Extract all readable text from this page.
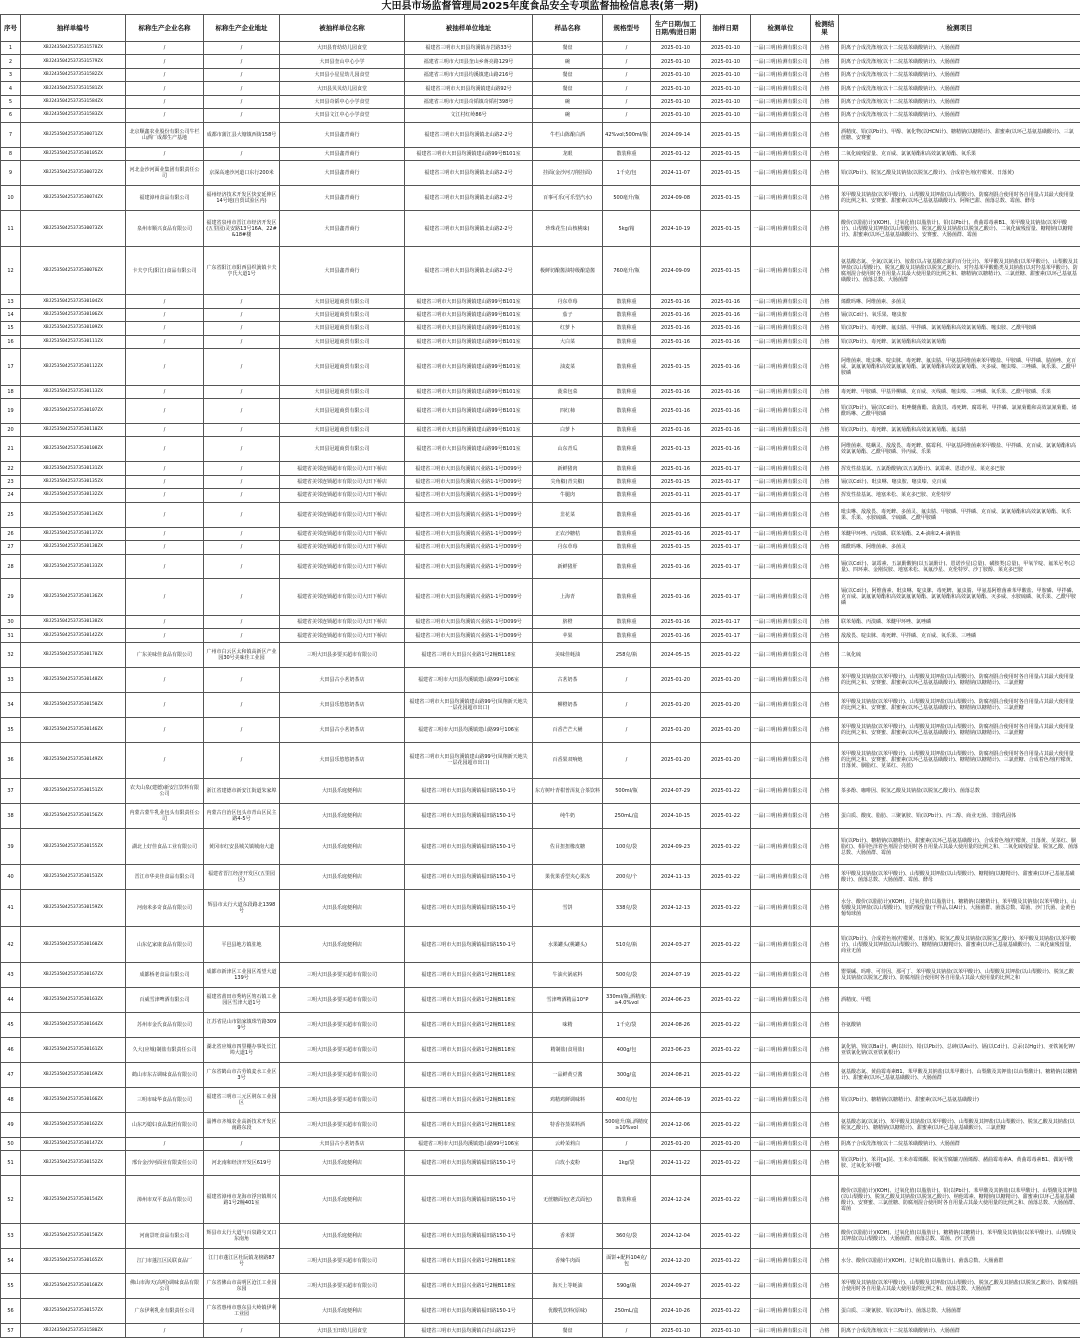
大田县市场监督管理局2025年度食品安全专项监督抽检信息表(第一期)
序号	抽样单编号	标称生产企业名称	标称生产企业地址	被抽样单位名称	被抽样单位地址	样品名称	规格型号	生产日期/加工日期/购进日期	抽样日期	检测单位	检测结果	检测项目
1	XBJ24350425373531578ZX	/	/	大田县育幼幼儿园食堂	福建省三明市大田县均溪镇赤岩路33号	餐盘	/	2025-01-10	2025-01-10	一品(三明)检测有限公司	合格	阴离子合成洗涤剂(以十二烷基苯磺酸钠计)、大肠菌群
2	XBJ24350425373531579ZX	/	/	大田县奎山中心小学	福建省三明市大田县奎山乡蒋亮路129号	碗	/	2025-01-10	2025-01-10	一品(三明)检测有限公司	合格	阴离子合成洗涤剂(以十二烷基苯磺酸钠计)、大肠菌群
3	XBJ24350425373531582ZX	/	/	大田县小星星幼儿园食堂	福建省三明市大田县均溪镇建山路216号	餐盘	/	2025-01-10	2025-01-10	一品(三明)检测有限公司	合格	阴离子合成洗涤剂(以十二烷基苯磺酸钠计)、大肠菌群
4	XBJ24350425373531581ZX	/	/	大田县贝贝幼儿园食堂	福建省三明市大田县均溪镇建山路92号	餐盘	/	2025-01-10	2025-01-10	一品(三明)检测有限公司	合格	阴离子合成洗涤剂(以十二烷基苯磺酸钠计)、大肠菌群
5	XBJ24350425373531584ZX	/	/	大田县奇韬中心小学食堂	福建省三明市大田县奇韬镇奇韬村398号	碗	/	2025-01-10	2025-01-10	一品(三明)检测有限公司	合格	阴离子合成洗涤剂(以十二烷基苯磺酸钠计)、大肠菌群
6	XBJ24350425373531583ZX	/	/	大田县文江中心小学食堂	文江村红岭86号	碗	/	2025-01-10	2025-01-10	一品(三明)检测有限公司	合格	阴离子合成洗涤剂(以十二烷基苯磺酸钠计)、大肠菌群
7	XBJ25350425373530071ZX	北京顺鑫农业股份有限公司牛栏山酒厂成都生产基地	成都市蒲江县大塘镇西街158号	大田县鑫青商行	福建省三明市大田县均溪镇北山路2-2号	牛栏山陈酿白酒	42%vol;500ml/瓶	2024-09-14	2025-01-15	一品(三明)检测有限公司	合格	酒精度、铅(以Pb计)、甲醇、氰化物(以HCN计)、糖精钠(以糖精计)、甜蜜素(以环己基氨基磺酸计)、三氯蔗糖、安赛蜜
8	XBJ25350425373530105ZX	/	/	大田县鑫青商行	福建省三明市大田县均溪镇建山路99号B101室	龙眼	散装称重	2025-01-12	2025-01-15	一品(三明)检测有限公司	合格	二氧化硫残留量、克百威、氯氰菊酯和高效氯氰菊酯、氧乐果
9	XBJ25350425373530072ZX	河北金沙河面业集团有限责任公司	京深高速沙河道口东行200米	大田县鑫青商行	福建省三明市大田县均溪镇北山路2-2号	挂面(金沙河刀削挂面)	1千克/包	2024-11-07	2025-01-15	一品(三明)检测有限公司	合格	铅(以Pb计)、脱氢乙酸及其钠盐(以脱氢乙酸计)、合成着色剂(柠檬黄、日落黄)
10	XBJ25350425373530074ZX	福建漳州食品有限公司	福州经济技术开发区快安延伸区14号地(自贸试验区内)	大田县鑫青商行	福建省三明市大田县均溪镇北山路2-2号	百事可乐(可乐型汽水)	500毫升/瓶	2024-09-08	2025-01-15	一品(三明)检测有限公司	合格	苯甲酸及其钠盐(以苯甲酸计)、山梨酸及其钾盐(以山梨酸计)、防腐剂混合使用时各自用量占其最大使用量的比例之和、安赛蜜、甜蜜素(以环己基氨基磺酸计)、阿斯巴甜、菌落总数、霉菌、酵母
11	XBJ25350425373530073ZX	泉州市顺兴食品有限公司	福建省泉州市晋江市经济开发区(五里园)灵安路13号16A、22#&18#楼	大田县鑫青商行	福建省三明市大田县均溪镇北山路2-2号	珍珠花生(山核桃味)	5kg/箱	2024-10-19	2025-01-15	一品(三明)检测有限公司	合格	酸价(以脂肪计)(KOH)、过氧化值(以脂肪计)、铅(以Pb计)、黄曲霉毒素B1、苯甲酸及其钠盐(以苯甲酸计)、山梨酸及其钾盐(以山梨酸计)、脱氢乙酸及其钠盐(以脱氢乙酸计)、二氧化硫残留量、糖精钠(以糖精计)、甜蜜素(以环己基氨基磺酸计)、安赛蜜、大肠菌群、霉菌
12	XBJ25350425373530076ZX	卡夫亨氏(阳江)食品有限公司	广东省阳江市阳西县织簧镇卡夫亨氏大道1号	大田县鑫青商行	福建省三明市大田县均溪镇北山路2-2号	极鲜切酿酱油特级酿造酱	760毫升/瓶	2024-09-09	2025-01-15	一品(三明)检测有限公司	合格	氨基酸态氮、全氮(以氮计)、铵盐(以占氨基酸态氮的百分比计)、苯甲酸及其钠盐(以苯甲酸计)、山梨酸及其钾盐(以山梨酸计)、脱氢乙酸及其钠盐(以脱氢乙酸计)、对羟基苯甲酸酯类及其钠盐(以对羟基苯甲酸计)、防腐剂混合使用时各自用量占其最大使用量的比例之和、糖精钠(以糖精计)、三氯蔗糖、甜蜜素(以环己基氨基磺酸计)、菌落总数、大肠菌群
13	XBJ25350425373530104ZX	/	/	大田县冠超商贸有限公司	福建省三明市大田县均溪镇建山路99号B101室	丹东草莓	散装称重	2025-01-16	2025-01-16	一品(三明)检测有限公司	合格	烯酰吗啉、阿维菌素、多菌灵
14	XBJ25350425373530106ZX	/	/	大田县冠超商贸有限公司	福建省三明市大田县均溪镇建山路99号B101室	茄子	散装称重	2025-01-16	2025-01-16	一品(三明)检测有限公司	合格	镉(以Cd计)、氧乐果、噻虫胺
15	XBJ25350425373530109ZX	/	/	大田县冠超商贸有限公司	福建省三明市大田县均溪镇建山路99号B101室	红萝卜	散装称重	2025-01-16	2025-01-16	一品(三明)检测有限公司	合格	铅(以Pb计)、毒死蜱、氟虫腈、甲拌磷、氯氰菊酯和高效氯氰菊酯、噻虫胺、乙酰甲胺磷
16	XBJ25350425373530111ZX	/	/	大田县冠超商贸有限公司	福建省三明市大田县均溪镇建山路99号B101室	大白菜	散装称重	2025-01-16	2025-01-16	一品(三明)检测有限公司	合格	铅(以Pb计)、毒死蜱、氯氰菊酯和高效氯氰菊酯
17	XBJ25350425373530112ZX	/	/	大田县冠超商贸有限公司	福建省三明市大田县均溪镇建山路99号B101室	油麦菜	散装称重	2025-01-15	2025-01-16	一品(三明)检测有限公司	合格	阿维菌素、吡虫啉、啶虫脒、毒死蜱、氟虫腈、甲氨基阿维菌素苯甲酸盐、甲胺磷、甲拌磷、腈菌唑、克百威、氯氟氰菊酯和高效氯氟氰菊酯、氯氰菊酯和高效氯氰菊酯、灭多威、噻虫嗪、三唑磷、氧乐果、乙酰甲胺磷
18	XBJ25350425373530113ZX	/	/	大田县冠超商贸有限公司	福建省三明市大田县均溪镇建山路99号B101室	菠菜包菜	散装称重	2025-01-16	2025-01-16	一品(三明)检测有限公司	合格	毒死蜱、甲胺磷、甲基异柳磷、克百威、灭线磷、噻虫嗪、三唑磷、氧乐果、乙酰甲胺磷、乐果
19	XBJ25350425373530107ZX	/	/	大田县冠超商贸有限公司	福建省三明市大田县均溪镇建山路99号B101室	四红柿	散装称重	2025-01-16	2025-01-16	一品(三明)检测有限公司	合格	铅(以Pb计)、镉(以Cd计)、吡唑醚菌酯、敌敌畏、毒死蜱、腐霉利、甲拌磷、氯氰菊酯和高效氯氰菊酯、烯酰吗啉、乙酰甲胺磷
20	XBJ25350425373530110ZX	/	/	大田县冠超商贸有限公司	福建省三明市大田县均溪镇建山路99号B101室	白萝卜	散装称重	2025-01-16	2025-01-16	一品(三明)检测有限公司	合格	铅(以Pb计)、毒死蜱、氯氰菊酯和高效氯氰菊酯、氟虫腈
21	XBJ25350425373530108ZX	/	/	大田县冠超商贸有限公司	福建省三明市大田县均溪镇建山路99号B101室	山东青瓜	散装称重	2025-01-13	2025-01-16	一品(三明)检测有限公司	合格	阿维菌素、哒螨灵、敌敌畏、毒死蜱、腐霉利、甲氨基阿维菌素苯甲酸盐、甲拌磷、克百威、氯氰菊酯和高效氯氰菊酯、乙酰甲胺磷、异丙威、乐果
22	XBJ25350425373530131ZX	/	/	福建省美邻连锁超市有限公司大田下桥店	福建省三明市大田县均溪镇兴业路1-1号D099号	新鲜猪肉	散装称重	2025-01-16	2025-01-17	一品(三明)检测有限公司	合格	挥发性盐基氮、五氯酚酸钠(以五氯酚计)、氯霉素、恩诺沙星、莱克多巴胺
23	XBJ25350425373530135ZX	/	/	福建省美邻连锁超市有限公司大田下桥店	福建省三明市大田县均溪镇兴业路1-1号D099号	尖角椒(青尖椒)	散装称重	2025-01-15	2025-01-17	一品(三明)检测有限公司	合格	镉(以Cd计)、吡虫啉、噻虫胺、噻虫嗪、克百威
24	XBJ25350425373530132ZX	/	/	福建省美邻连锁超市有限公司大田下桥店	福建省三明市大田县均溪镇兴业路1-1号D099号	牛腿肉	散装称重	2025-01-11	2025-01-17	一品(三明)检测有限公司	合格	挥发性盐基氮、地塞米松、莱克多巴胺、克伦特罗
25	XBJ25350425373530134ZX	/	/	福建省美邻连锁超市有限公司大田下桥店	福建省三明市大田县均溪镇兴业路1-1号D099号	韭花菜	散装称重	2025-01-16	2025-01-17	一品(三明)检测有限公司	合格	吡虫啉、敌敌畏、毒死蜱、多菌灵、氟虫腈、甲胺磷、甲拌磷、克百威、氯氰菊酯和高效氯氰菊酯、氧乐果、乐果、水胺硫磷、辛硫磷、乙酰甲胺磷
26	XBJ25350425373530137ZX	/	/	福建省美邻连锁超市有限公司大田下桥店	福建省三明市大田县均溪镇兴业路1-1号D099号	正农沙糖桔	散装称重	2025-01-16	2025-01-17	一品(三明)检测有限公司	合格	苯醚甲环唑、丙溴磷、联苯菊酯、2,4-滴和2,4-滴钠盐
27	XBJ25350425373530130ZX	/	/	福建省美邻连锁超市有限公司大田下桥店	福建省三明市大田县均溪镇兴业路1-1号D099号	丹东草莓	散装称重	2025-01-15	2025-01-17	一品(三明)检测有限公司	合格	烯酰吗啉、阿维菌素、多菌灵
28	XBJ25350425373530133ZX	/	/	福建省美邻连锁超市有限公司大田下桥店	福建省三明市大田县均溪镇兴业路1-1号D099号	新鲜猪肝	散装称重	2025-01-16	2025-01-17	一品(三明)检测有限公司	合格	镉(以Cd计)、氯霉素、五氯酚酸钠(以五氯酚计)、恩诺沙星(总量)、磺胺类(总量)、甲氧苄啶、氟苯尼考(总量)、四环素、金刚烷胺、地塞米松、氧氟沙星、克伦特罗、沙丁胺醇、莱克多巴胺
29	XBJ25350425373530136ZX	/	/	福建省美邻连锁超市有限公司大田下桥店	福建省三明市大田县均溪镇兴业路1-1号D099号	上海青	散装称重	2025-01-16	2025-01-17	一品(三明)检测有限公司	合格	镉(以Cd计)、阿维菌素、吡虫啉、啶虫脒、毒死蜱、氟虫腈、甲氨基阿维菌素苯甲酸盐、甲胺磷、甲拌磷、克百威、氯氟氰菊酯和高效氯氟氰菊酯、氯氰菊酯和高效氯氰菊酯、灭多威、水胺硫磷、氧乐果、乙酰甲胺磷
30	XBJ25350425373530138ZX	/	/	福建省美邻连锁超市有限公司大田下桥店	福建省三明市大田县均溪镇兴业路1-1号D099号	脐橙	散装称重	2025-01-16	2025-01-17	一品(三明)检测有限公司	合格	联苯菊酯、丙溴磷、苯醚甲环唑、氯唑磷
31	XBJ25350425373530142ZX	/	/	福建省美邻连锁超市有限公司大田下桥店	福建省三明市大田县均溪镇兴业路1-1号D099号	苹果	散装称重	2025-01-16	2025-01-17	一品(三明)检测有限公司	合格	敌敌畏、啶虫脒、毒死蜱、甲拌磷、克百威、氧乐果、三唑磷
32	XBJ25350425373530170ZX	广东美味佳食品有限公司	广州市白云区太和镇高新区产业园30号美味佳工业园	三明大田县多要买超市有限公司	福建省三明市大田县兴业路1号2幢B118室	美味佳蚝油	258克/瓶	2024-05-15	2025-01-22	一品(三明)检测有限公司	合格	二氧化硫
33	XBJ25350425373530148ZX	/	/	大田县古小茗奶茶店	福建省三明市大田县均溪镇建山路99号106室	古茗奶茶	/	2025-01-20	2025-01-20	一品(三明)检测有限公司	合格	苯甲酸及其钠盐(以苯甲酸计)、山梨酸及其钾盐(以山梨酸计)、防腐剂混合使用时各自用量占其最大使用量的比例之和、安赛蜜、甜蜜素(以环己基氨基磺酸计)、糖精钠(以糖精计)、三氯蔗糖
34	XBJ25350425373530150ZX	/	/	大田县乐悠悠奶茶店	福建省三明市大田县均溪镇建山路99号(凤翔新天地失一层花园超市出口)	柳橙奶茶	/	2025-01-20	2025-01-20	一品(三明)检测有限公司	合格	苯甲酸及其钠盐(以苯甲酸计)、山梨酸及其钾盐(以山梨酸计)、防腐剂混合使用时各自用量占其最大使用量的比例之和、安赛蜜、甜蜜素(以环己基氨基磺酸计)、糖精钠(以糖精计)、三氯蔗糖
35	XBJ25350425373530146ZX	/	/	大田县古小茗奶茶店	福建省三明市大田县均溪镇建山路99号106室	百香芒芒大桶	/	2025-01-20	2025-01-20	一品(三明)检测有限公司	合格	苯甲酸及其钠盐(以苯甲酸计)、山梨酸及其钾盐(以山梨酸计)、防腐剂混合使用时各自用量占其最大使用量的比例之和、安赛蜜、甜蜜素(以环己基氨基磺酸计)、糖精钠(以糖精计)、三氯蔗糖
36	XBJ25350425373530149ZX	/	/	大田县乐悠悠奶茶店	福建省三明市大田县均溪镇建山路99号(凤翔新天地失一层花园超市出口)	百香果双响炮	/	2025-01-20	2025-01-20	一品(三明)检测有限公司	合格	苯甲酸及其钠盐(以苯甲酸计)、山梨酸及其钾盐(以山梨酸计)、防腐剂混合使用时各自用量占其最大使用量的比例之和、安赛蜜、甜蜜素(以环己基氨基磺酸计)、糖精钠(以糖精计)、三氯蔗糖、合成着色剂(柠檬黄、日落黄、胭脂红、苋菜红、亮蓝)
37	XBJ25350425373530151ZX	农夫山泉(建德)新安江饮料有限公司	浙江省建德市新安江街道朱家埠	大田县乐庭便利店	福建省三明市大田县均溪镇福田路150-1号	东方树叶青柑普洱复合茶饮料	500ml/瓶	2024-07-29	2025-01-22	一品(三明)检测有限公司	合格	茶多酚、咖啡因、脱氢乙酸及其钠盐(以脱氢乙酸计)、菌落总数
38	XBJ25350425373530156ZX	内蒙古蒙牛乳业包头有限责任公司	内蒙古自治区包头市青山区民主路4-5号	大田县乐庭便利店	福建省三明市大田县均溪镇福田路150-1号	纯牛奶	250mL/盒	2024-10-15	2025-01-22	一品(三明)检测有限公司	合格	蛋白质、酸度、脂肪、三聚氰胺、铅(以Pb计)、丙二醇、商业无菌、非脂乳固体
39	XBJ25350425373530155ZX	湖北上好佳食品工业有限公司	黄冈市红安县城关镇城南大道	大田县乐庭便利店	福建省三明市大田县均溪镇福田路150-1号	佐目扭扭橡皮糖	100克/袋	2024-09-23	2025-01-22	一品(三明)检测有限公司	合格	铅(以Pb计)、糖精钠(以糖精计)、甜蜜素(以环己基氨基磺酸计)、合成着色剂(柠檬黄、日落黄、苋菜红、胭脂红)、相同色泽着色剂混合使用时各自用量占其最大使用量的比例之和、二氧化硫残留量、脱氢乙酸、菌落总数、大肠菌群、霉菌
40	XBJ25350425373530153ZX	晋江市华美佳食品有限公司	福建省晋江经济开发区(五里园区)	大田县乐庭便利店	福建省三明市大田县均溪镇福田路150-1号	果优果香型夹心果冻	200克/个	2024-11-13	2025-01-22	一品(三明)检测有限公司	合格	苯甲酸及其钠盐(以苯甲酸计)、山梨酸及其钾盐(以山梨酸计)、糖精钠(以糖精计)、甜蜜素(以环己基氨基磺酸计)、菌落总数、大肠菌群、霉菌、酵母
41	XBJ25350425373530159ZX	河南米多奇食品有限公司	辉县市太行大道东段路北1398号	大田县乐庭便利店	福建省三明市大田县均溪镇福田路150-1号	雪饼	338克/袋	2024-12-13	2025-01-22	一品(三明)检测有限公司	合格	水分、酸价(以脂肪计)(KOH)、过氧化值(以脂肪计)、糖精钠(以糖精计)、苯甲酸及其钠盐(以苯甲酸计)、山梨酸及其钾盐(以山梨酸计)、铝的残留量(干样品,以Al计)、大肠菌群、菌落总数、霉菌、沙门氏菌、金黄色葡萄球菌
42	XBJ25350425373530160ZX	山东亿家康食品有限公司	平邑县地方镇驻地	大田县乐庭便利店	福建省三明市大田县均溪镇福田路150-1号	水果罐头(桃罐头)	510克/瓶	2024-03-27	2025-01-22	一品(三明)检测有限公司	合格	铅(以Pb计)、合成着色剂(柠檬黄、日落黄)、脱氢乙酸及其钠盐(以脱氢乙酸计)、苯甲酸及其钠盐(以苯甲酸计)、山梨酸及其钾盐(以山梨酸计)、糖精钠(以糖精计)、甜蜜素(以环己基氨基磺酸计)、二氧化硫残留量、商业无菌
43	XBJ25350425373530167ZX	成都桥老食品有限公司	成都市新津区工业园区希望大道139号	三明大田县多要买超市有限公司	福建省三明市大田县兴业路1号2幢B118室	牛油火锅底料	500克/袋	2024-07-19	2025-01-22	一品(三明)检测有限公司	合格	罂粟碱、吗啡、可待因、那可丁、苯甲酸及其钠盐(以苯甲酸计)、山梨酸及其钾盐(以山梨酸计)、脱氢乙酸及其钠盐(以脱氢乙酸计)、防腐剂混合使用时各自用量占其最大使用量的比例之和
44	XBJ25350425373530163ZX	百威雪津啤酒有限公司	福建省莆田市秀屿区笏石镇工业园区雪津大道1号	三明大田县多要买超市有限公司	福建省三明市大田县兴业路1号2幢B118室	雪津啤酒精品10°P	330ml/瓶,酒精度:≥4.0%vol	2024-06-23	2025-01-22	一品(三明)检测有限公司	合格	酒精度、甲醛
45	XBJ25350425373530164ZX	苏州市金氏食品有限公司	江苏省昆山市陆家镇珠竹路3099号	三明大田县多要买超市有限公司	福建省三明市大田县兴业路1号2幢B118室	味精	1千克/袋	2024-08-26	2025-01-22	一品(三明)检测有限公司	合格	谷氨酸钠
46	XBJ25350425373530161ZX	久大(应城)制盐有限责任公司	湖北省应城市四里棚办事处长江埠大道1号	三明大田县多要买超市有限公司	福建省三明市大田县兴业路1号2幢B118室	精制盐(食用盐)	400g/包	2023-06-23	2025-01-22	一品(三明)检测有限公司	合格	氯化钠、钡(以Ba计)、碘(以I计)、铅(以Pb计)、总砷(以As计)、镉(以Cd计)、总汞(以Hg计)、亚铁氰化钾/亚铁氰化钠(以亚铁氰根计)
47	XBJ25350425373530169ZX	鹤山市东古调味食品有限公司	广东省鹤山市古劳镇麦水工业区3号	三明大田县多要买超市有限公司	福建省三明市大田县兴业路1号2幢B118室	一品鲜黄豆酱	300g/盒	2024-08-21	2025-01-22	一品(三明)检测有限公司	合格	氨基酸态氮、黄曲霉毒素B1、苯甲酸及其钠盐(以苯甲酸计)、山梨酸及其钾盐(以山梨酸计)、糖精钠(以糖精计)、甜蜜素(以环己基氨基磺酸计)、大肠菌群
48	XBJ25350425373530166ZX	三明市味华食品有限公司	福建省三明市三元区荆东工业园区	三明大田县多要买超市有限公司	福建省三明市大田县兴业路1号2幢B118室	鸡精鸡鲜调味料	400克/包	2024-08-19	2025-01-22	一品(三明)检测有限公司	合格	铅(以Pb计)、糖精钠(以糖精计)、甜蜜素(以环己基氨基磺酸计)
49	XBJ25350425373530162ZX	山东巧媳妇食品集团有限公司	淄博市齐城农业高新技术开发区南路东段	三明大田县多要买超市有限公司	福建省三明市大田县兴业路1号2幢B118室	特香谷蒸菜料酒	500毫升/瓶,酒精度≥10%vol	2024-12-06	2025-01-22	一品(三明)检测有限公司	合格	氨基酸态氮(以氮计)、苯甲酸及其钠盐(以苯甲酸计)、山梨酸及其钾盐(以山梨酸计)、脱氢乙酸及其钠盐(以脱氢乙酸计)、糖精钠(以糖精计)、甜蜜素(以环己基氨基磺酸计)、三氯蔗糖
50	XBJ25350425373530147ZX	/	/	大田县古小茗奶茶店	福建省三明市大田县均溪镇建山路99号106室	云岭茉莉白	/	2025-01-20	2025-01-20	一品(三明)检测有限公司	合格	阴离子合成洗涤剂(以十二烷基苯磺酸钠计)、大肠菌群
51	XBJ25350425373530152ZX	邢台金沙河面业有限责任公司	河北南和经济开发区619号	大田县乐庭便利店	福建省三明市大田县均溪镇福田路150-1号	白玫小麦粉	1kg/袋	2024-11-22	2025-01-22	一品(三明)检测有限公司	合格	铅(以Pb计)、苯并[a]芘、玉米赤霉烯酮、脱氧雪腐镰刀菌烯醇、赭曲霉毒素A、黄曲霉毒素B1、偶氮甲酰胺、过氧化苯甲酰
52	XBJ25350425373530154ZX	漳州市双平食品有限公司	福建省漳州市龙海市浮宫镇圳兴路1号2幢401室	大田县乐庭便利店	福建省三明市大田县均溪镇福田路150-1号	无蔗糖面包(老式面包)	散装称重	2024-12-24	2025-01-22	一品(三明)检测有限公司	合格	酸价(以脂肪计)(KOH)、过氧化值(以脂肪计)、铅(以Pb计)、苯甲酸及其钠盐(以苯甲酸计)、山梨酸及其钾盐(以山梨酸计)、脱氢乙酸及其钠盐(以脱氢乙酸计)、纳他霉素、糖精钠(以糖精计)、甜蜜素(以环己基氨基磺酸计)、安赛蜜、三氯蔗糖、防腐剂混合使用时各自用量占其最大使用量的比例之和、菌落总数、大肠菌群、霉菌
53	XBJ25350425373530158ZX	河南景旺食品有限公司	辉县市太行大道与百泉路交叉口东南角	大田县乐庭便利店	福建省三明市大田县均溪镇福田路150-1号	香米饼	360克/袋	2024-12-04	2025-01-22	一品(三明)检测有限公司	合格	酸价(以脂肪计)(KOH)、过氧化值(以脂肪计)、糖精钠(以糖精计)、苯甲酸及其钠盐(以苯甲酸计)、山梨酸及其钾盐(以山梨酸计)、大肠菌群、菌落总数、霉菌、沙门氏菌
54	XBJ25350425373530165ZX	江门市蓬江区民联食品厂	江门市蓬江区杜阮镇龙榜路87号	三明大田县多要买超市有限公司	福建省三明市大田县兴业路1号2幢B118室	香辣牛肉面	面饼+配料104克/包	2024-12-20	2025-01-22	一品(三明)检测有限公司	合格	水分、酸价(以脂肪计)(KOH)、过氧化值(以脂肪计)、菌落总数、大肠菌群
55	XBJ25350425373530168ZX	佛山市海天(高明)调味食品有限公司	广东省佛山市高明区沧江工业园东园	三明大田县多要买超市有限公司	福建省三明市大田县兴业路1号2幢B118室	海天上等蚝油	590g/瓶	2024-09-27	2025-01-22	一品(三明)检测有限公司	合格	苯甲酸及其钠盐(以苯甲酸计)、山梨酸及其钾盐(以山梨酸计)、脱氢乙酸及其钠盐(以脱氢乙酸计)、防腐剂混合使用时各自用量占其最大使用量的比例之和、菌落总数、大肠菌群
56	XBJ25350425373530157ZX	广东伊利乳业有限责任公司	广东省惠州市惠东县大岭镇伊利工业园	大田县乐庭便利店	福建省三明市大田县均溪镇福田路150-1号	优酸乳饮料(原味)	250mL/盒	2024-10-26	2025-01-22	一品(三明)检测有限公司	合格	蛋白质、三聚氰胺、铅(以Pb计)、菌落总数、大肠菌群
57	XBJ24350425373531580ZX	/	/	大田县玉田幼儿园食堂	福建省三明市大田县均溪镇白岩山路123号	餐盘	/	2025-01-10	2025-01-10	一品(三明)检测有限公司	合格	阴离子合成洗涤剂(以十二烷基苯磺酸钠计)、大肠菌群
